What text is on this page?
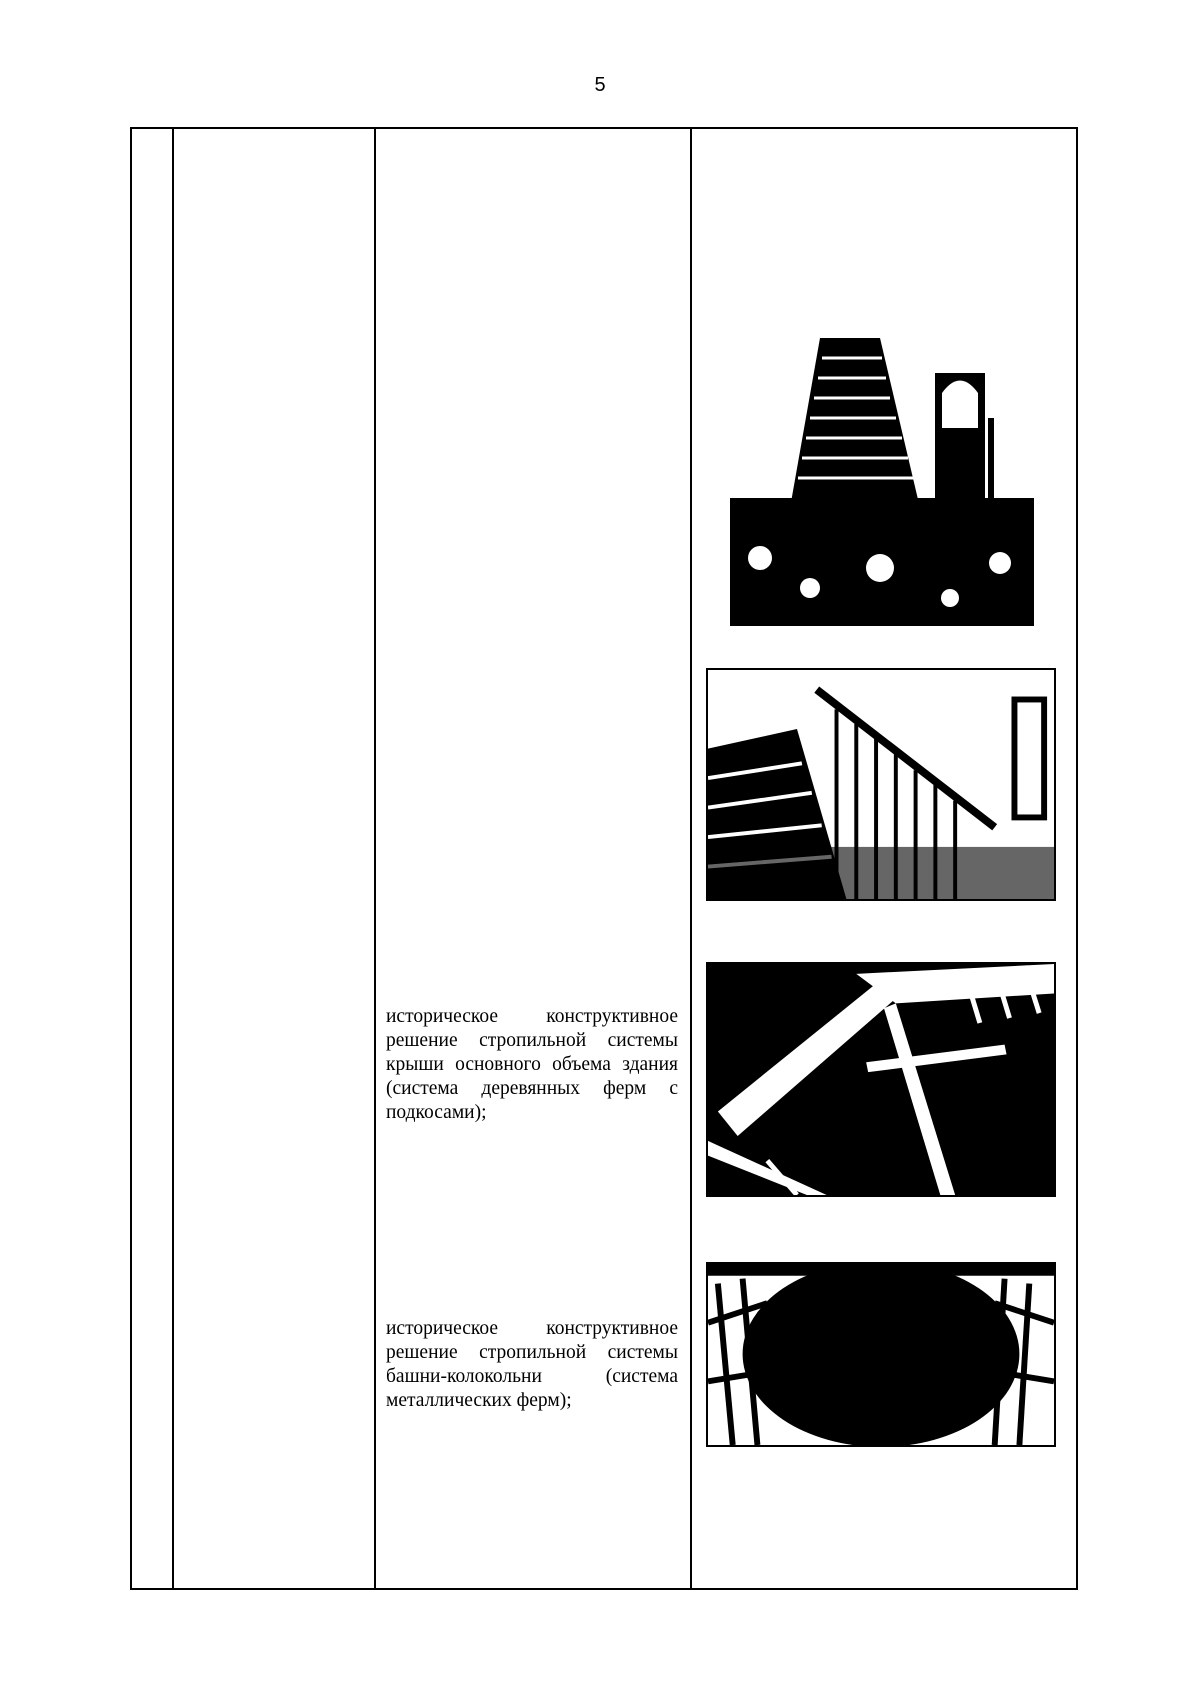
5
историческое конструктивное решение стропильной системы крыши основного объема здания (система деревянных ферм с подкосами);
историческое конструктивное решение стропильной системы башни-колокольни (система металлических ферм);
